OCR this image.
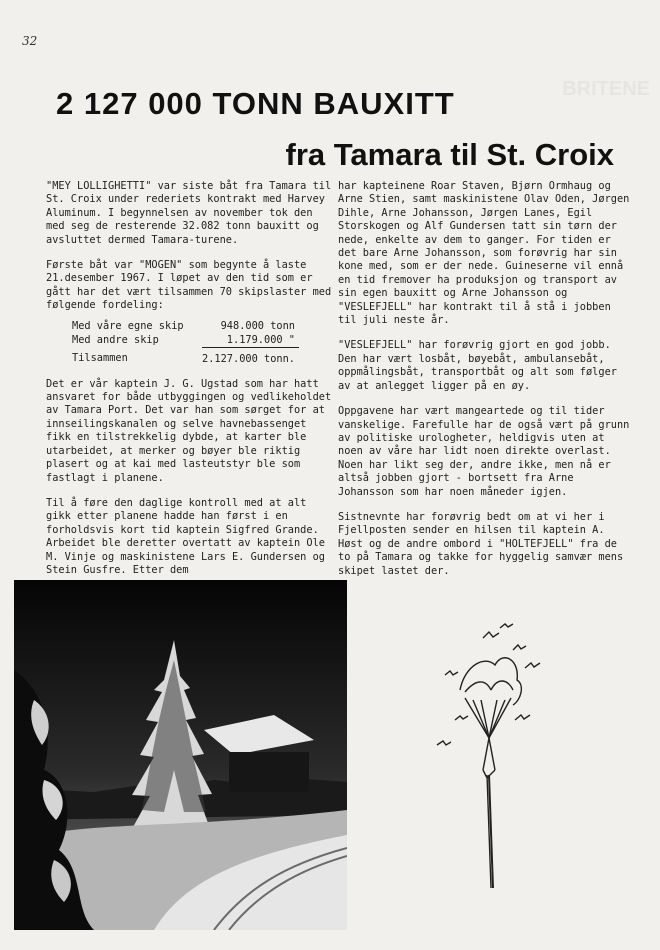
32
BRITENE
2 127 000 TONN BAUXITT
fra Tamara til St. Croix

"MEY LOLLIGHETTI" var siste båt fra Tamara til St. Croix under rederiets kontrakt med Harvey Aluminum. I begynnelsen av november tok den med seg de resterende 32.082 tonn bauxitt og avsluttet dermed Tamara-turene.

Første båt var "MOGEN" som begynte å laste 21.desember 1967. I løpet av den tid som er gått har det vært tilsammen 70 skipslaster med følgende fordeling:

Med våre egne skip	948.000 tonn
Med andre skip	1.179.000 "
Tilsammen	2.127.000 tonn.

Det er vår kaptein J. G. Ugstad som har hatt ansvaret for både utbyggingen og vedlikeholdet av Tamara Port. Det var han som sørget for at innseilingskanalen og selve havnebassenget fikk en tilstrekkelig dybde, at karter ble utarbeidet, at merker og bøyer ble riktig plasert og at kai med lasteutstyr ble som fastlagt i planene.

Til å føre den daglige kontroll med at alt gikk etter planene hadde han først i en forholdsvis kort tid kaptein Sigfred Grande. Arbeidet ble deretter overtatt av kaptein Ole M. Vinje og maskinistene Lars E. Gundersen og Stein Gusfre. Etter dem

har kapteinene Roar Staven, Bjørn Ormhaug og Arne Stien, samt maskinistene Olav Oden, Jørgen Dihle, Arne Johansson, Jørgen Lanes, Egil Storskogen og Alf Gundersen tatt sin tørn der nede, enkelte av dem to ganger. For tiden er det bare Arne Johansson, som forøvrig har sin kone med, som er der nede. Guineserne vil ennå en tid fremover ha produksjon og transport av sin egen bauxitt og Arne Johansson og "VESLEFJELL" har kontrakt til å stå i jobben til juli neste år.

"VESLEFJELL" har forøvrig gjort en god jobb. Den har vært losbåt, bøyebåt, ambulansebåt, oppmålingsbåt, transportbåt og alt som følger av at anlegget ligger på en øy.

Oppgavene har vært mangeartede og til tider vanskelige. Farefulle har de også vært på grunn av politiske urologheter, heldigvis uten at noen av våre har lidt noen direkte overlast. Noen har likt seg der, andre ikke, men nå er altså jobben gjort - bortsett fra Arne Johansson som har noen måneder igjen.

Sistnevnte har forøvrig bedt om at vi her i Fjellposten sender en hilsen til kaptein A. Høst og de andre ombord i "HOLTEFJELL" fra de to på Tamara og takke for hyggelig samvær mens skipet lastet der.
